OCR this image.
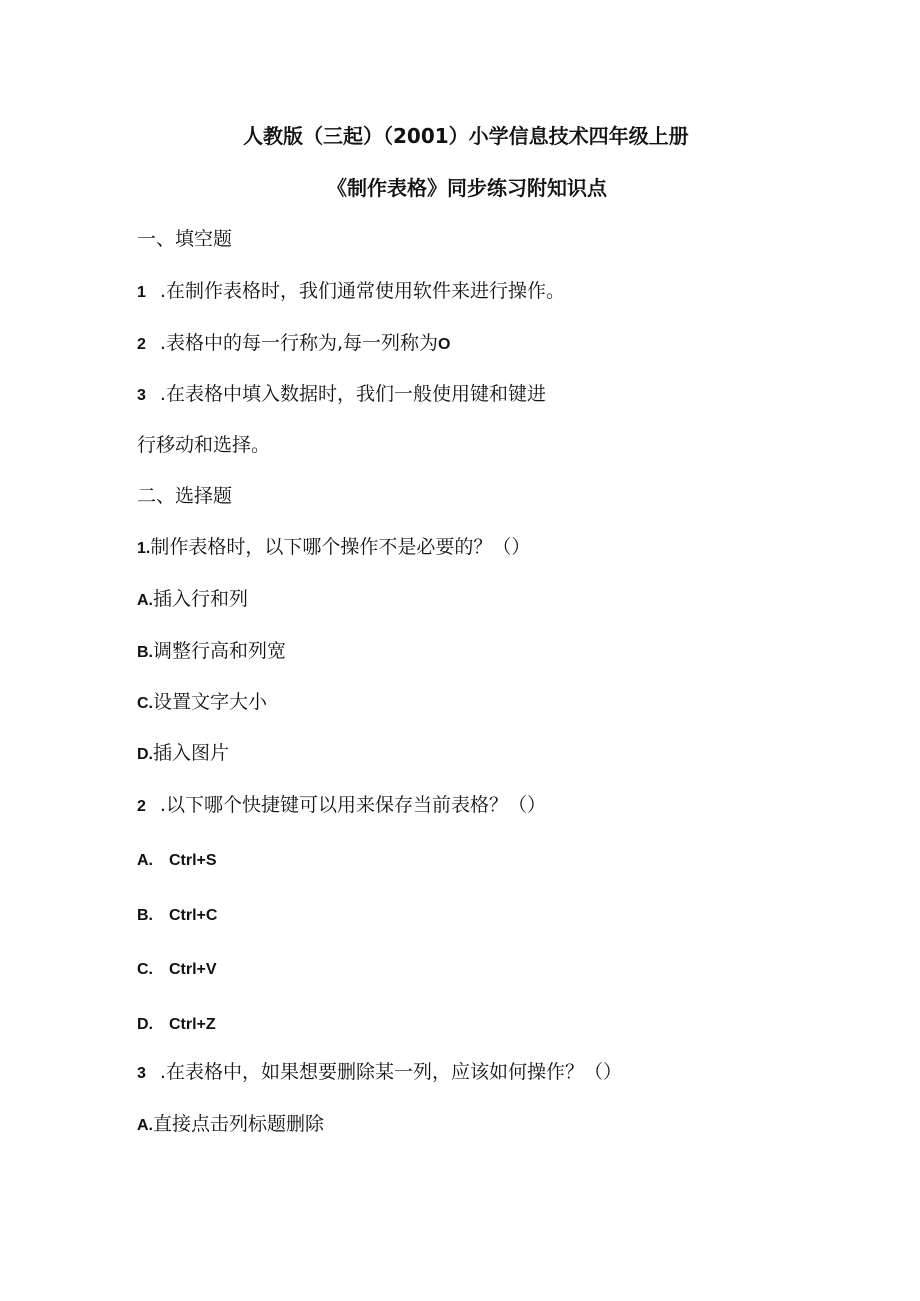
人教版（三起）（2001）小学信息技术四年级上册
《制作表格》同步练习附知识点
一、填空题
1 .在制作表格时，我们通常使用软件来进行操作。
2 .表格中的每一行称为,每一列称为O
3 .在表格中填入数据时，我们一般使用键和键进
行移动和选择。
二、选择题
1.制作表格时，以下哪个操作不是必要的？（）
A.插入行和列
B.调整行高和列宽
C.设置文字大小
D.插入图片
2 .以下哪个快捷键可以用来保存当前表格？（）
A. Ctrl+S
B. Ctrl+C
C. Ctrl+V
D. Ctrl+Z
3 .在表格中，如果想要删除某一列，应该如何操作？（）
A.直接点击列标题删除
